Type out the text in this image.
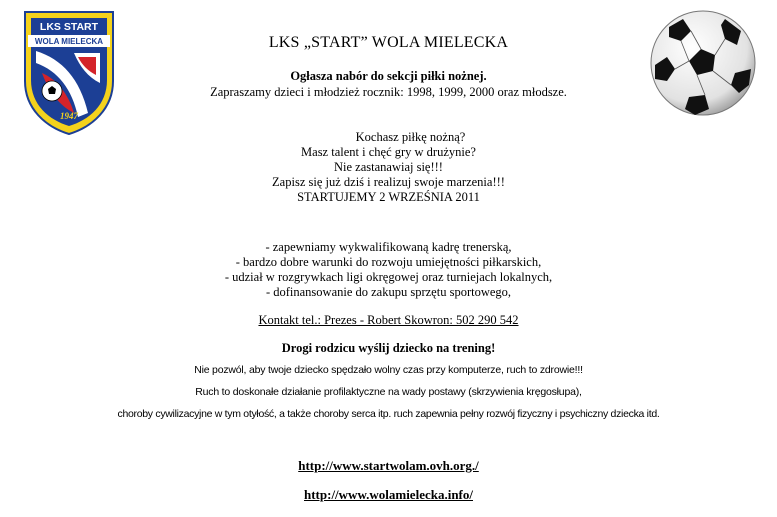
LKS START
WOLA MIELECKA
1947
LKS „START” WOLA MIELECKA
Ogłasza nabór do sekcji piłki nożnej.
Zapraszamy dzieci i młodzież rocznik: 1998, 1999, 2000 oraz młodsze.
Kochasz piłkę nożną?
Masz talent i chęć gry w drużynie?
Nie zastanawiaj się!!!
Zapisz się już dziś i realizuj swoje marzenia!!!
STARTUJEMY 2 WRZEŚNIA 2011
- zapewniamy wykwalifikowaną kadrę trenerską,
- bardzo dobre warunki do rozwoju umiejętności piłkarskich,
- udział w rozgrywkach ligi okręgowej oraz turniejach lokalnych,
- dofinansowanie do zakupu sprzętu sportowego,
Kontakt tel.: Prezes - Robert Skowron: 502 290 542
Drogi rodzicu wyślij dziecko na trening!
Nie pozwól, aby twoje dziecko spędzało wolny czas przy komputerze, ruch to zdrowie!!!
Ruch to doskonałe działanie profilaktyczne na wady postawy (skrzywienia kręgosłupa),
choroby cywilizacyjne w tym otyłość, a także choroby serca itp. ruch zapewnia pełny rozwój fizyczny i psychiczny dziecka itd.
http://www.startwolam.ovh.org./
http://www.wolamielecka.info/
